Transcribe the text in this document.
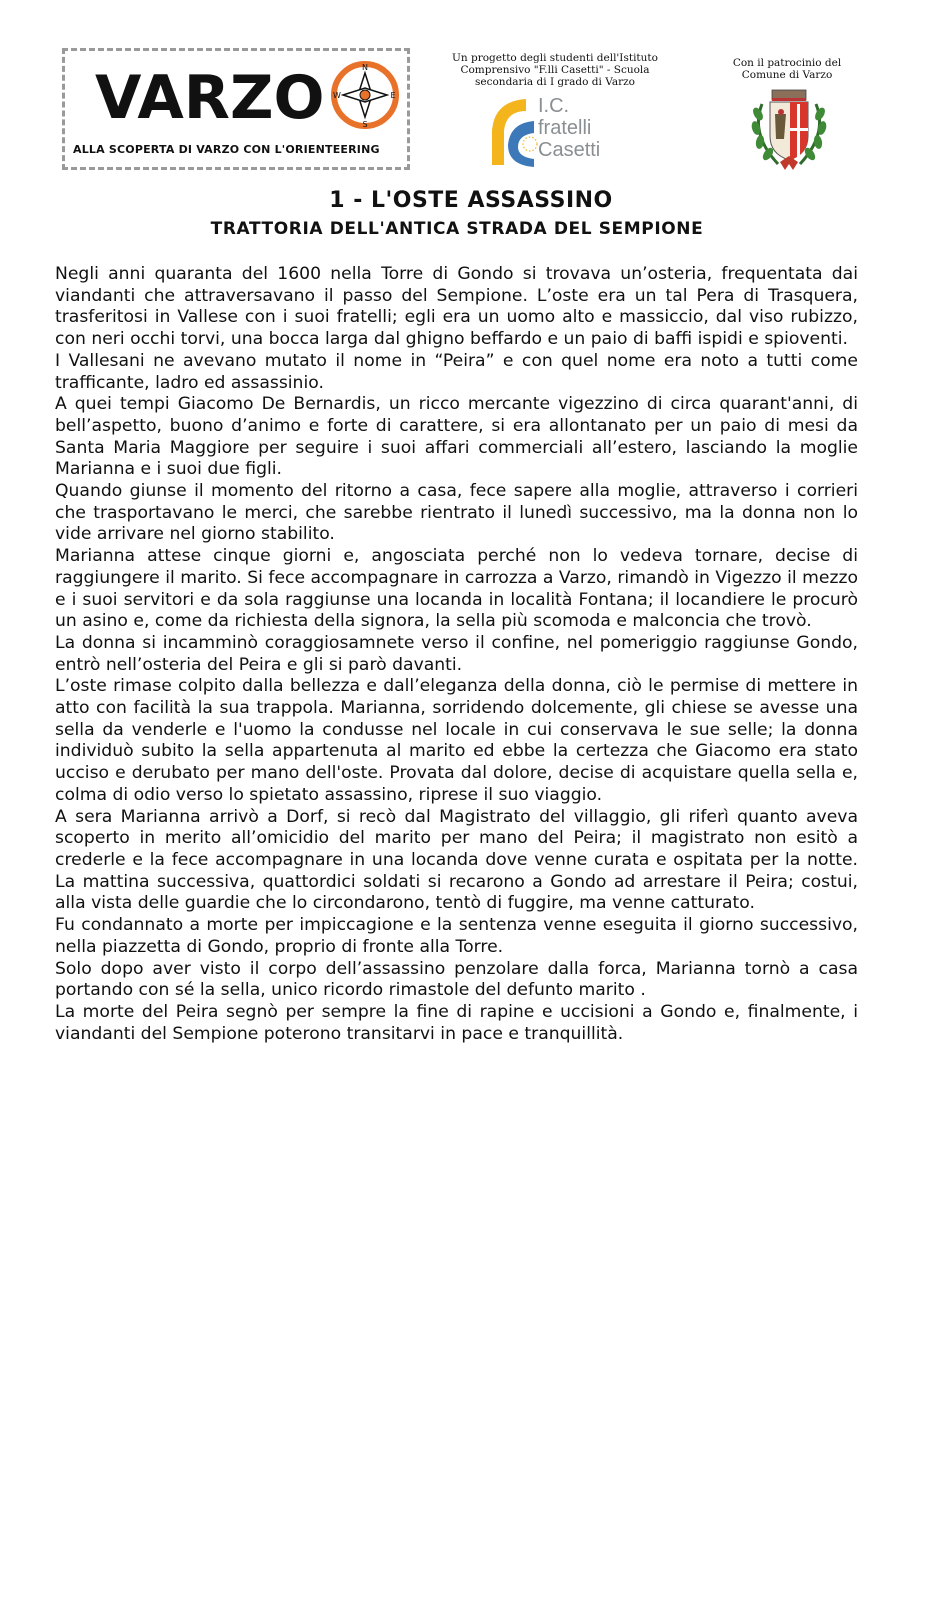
VARZO	N
E
S
W
ALLA SCOPERTA DI VARZO CON L'ORIENTEERING
Un progetto degli studenti dell'Istituto
Comprensivo "F.lli Casetti" - Scuola
secondaria di I grado di Varzo
I.C.
fratelli
Casetti
Con il patrocinio del
Comune di Varzo
1 - L'OSTE ASSASSINO
TRATTORIA DELL'ANTICA STRADA DEL SEMPIONE

Negli anni quaranta del 1600 nella Torre di Gondo si trovava un’osteria, frequentata dai viandanti che attraversavano il passo del Sempione. L’oste era un tal Pera di Trasquera, trasferitosi in Vallese con i suoi fratelli; egli era un uomo alto e massiccio, dal viso rubizzo, con neri occhi torvi, una bocca larga dal ghigno beffardo e un paio di baffi ispidi e spioventi.

I Vallesani ne avevano mutato il nome in “Peira” e con quel nome era noto a tutti come trafficante, ladro ed assassinio.

A quei tempi Giacomo De Bernardis, un ricco mercante vigezzino di circa quarant'anni, di bell’aspetto, buono d’animo e forte di carattere, si era allontanato per un paio di mesi da Santa Maria Maggiore per seguire i suoi affari commerciali all’estero, lasciando la moglie Marianna e i suoi due figli.

Quando giunse il momento del ritorno a casa, fece sapere alla moglie, attraverso i corrieri che trasportavano le merci, che sarebbe rientrato il lunedì successivo, ma la donna non lo vide arrivare nel giorno stabilito.

Marianna attese cinque giorni e, angosciata perché non lo vedeva tornare, decise di raggiungere il marito. Si fece accompagnare in carrozza a Varzo, rimandò in Vigezzo il mezzo e i suoi servitori e da sola raggiunse una locanda in località Fontana; il locandiere le procurò un asino e, come da richiesta della signora, la sella più scomoda e malconcia che trovò.

La donna si incamminò coraggiosamnete verso il confine, nel pomeriggio raggiunse Gondo, entrò nell’osteria del Peira e gli si parò davanti.

L’oste rimase colpito dalla bellezza e dall’eleganza della donna, ciò le permise di mettere in atto con facilità la sua trappola. Marianna, sorridendo dolcemente, gli chiese se avesse una sella da venderle e l'uomo la condusse nel locale in cui conservava le sue selle; la donna individuò subito la sella appartenuta al marito ed ebbe la certezza che Giacomo era stato ucciso e derubato per mano dell'oste. Provata dal dolore, decise di acquistare quella sella e, colma di odio verso lo spietato assassino, riprese il suo viaggio.

A sera Marianna arrivò a Dorf, si recò dal Magistrato del villaggio, gli riferì quanto aveva scoperto in merito all’omicidio del marito per mano del Peira; il magistrato non esitò a crederle e la fece accompagnare in una locanda dove venne curata e ospitata per la notte. La mattina successiva, quattordici soldati si recarono a Gondo ad arrestare il Peira; costui, alla vista delle guardie che lo circondarono, tentò di fuggire, ma venne catturato.

Fu condannato a morte per impiccagione e la sentenza venne eseguita il giorno successivo, nella piazzetta di Gondo, proprio di fronte alla Torre.

Solo dopo aver visto il corpo dell’assassino penzolare dalla forca, Marianna tornò a casa portando con sé la sella, unico ricordo rimastole del defunto marito .

La morte del Peira segnò per sempre la fine di rapine e uccisioni a Gondo e, finalmente, i viandanti del Sempione poterono transitarvi in pace e tranquillità.
